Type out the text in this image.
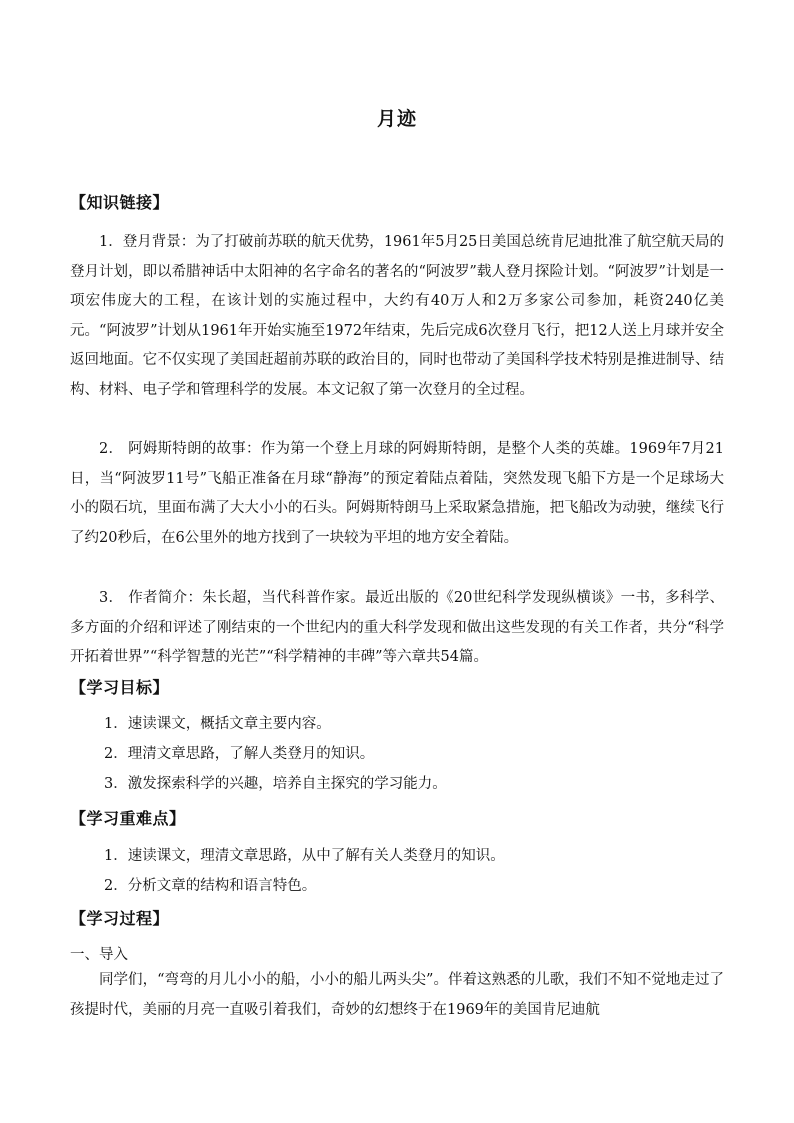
月迹
【知识链接】

1．登月背景：为了打破前苏联的航天优势，1961年5月25日美国总统肯尼迪批准了航空航天局的登月计划，即以希腊神话中太阳神的名字命名的著名的“阿波罗”载人登月探险计划。“阿波罗”计划是一项宏伟庞大的工程，在该计划的实施过程中，大约有40万人和2万多家公司参加，耗资240亿美元。“阿波罗”计划从1961年开始实施至1972年结束，先后完成6次登月飞行，把12人送上月球并安全返回地面。它不仅实现了美国赶超前苏联的政治目的，同时也带动了美国科学技术特别是推进制导、结构、材料、电子学和管理科学的发展。本文记叙了第一次登月的全过程。

2． 阿姆斯特朗的故事：作为第一个登上月球的阿姆斯特朗，是整个人类的英雄。1969年7月21日，当“阿波罗11号”飞船正准备在月球“静海”的预定着陆点着陆，突然发现飞船下方是一个足球场大小的陨石坑，里面布满了大大小小的石头。阿姆斯特朗马上采取紧急措施，把飞船改为动驶，继续飞行了约20秒后，在6公里外的地方找到了一块较为平坦的地方安全着陆。

3． 作者简介：朱长超，当代科普作家。最近出版的《20世纪科学发现纵横谈》一书，多科学、多方面的介绍和评述了刚结束的一个世纪内的重大科学发现和做出这些发现的有关工作者，共分“科学开拓着世界”“科学智慧的光芒”“科学精神的丰碑”等六章共54篇。

【学习目标】

1．速读课文，概括文章主要内容。

2．理清文章思路，了解人类登月的知识。

3．激发探索科学的兴趣，培养自主探究的学习能力。

【学习重难点】

1．速读课文，理清文章思路，从中了解有关人类登月的知识。

2．分析文章的结构和语言特色。

【学习过程】

一、导入

同学们，“弯弯的月儿小小的船，小小的船儿两头尖”。伴着这熟悉的儿歌，我们不知不觉地走过了孩提时代，美丽的月亮一直吸引着我们，奇妙的幻想终于在1969年的美国肯尼迪航
